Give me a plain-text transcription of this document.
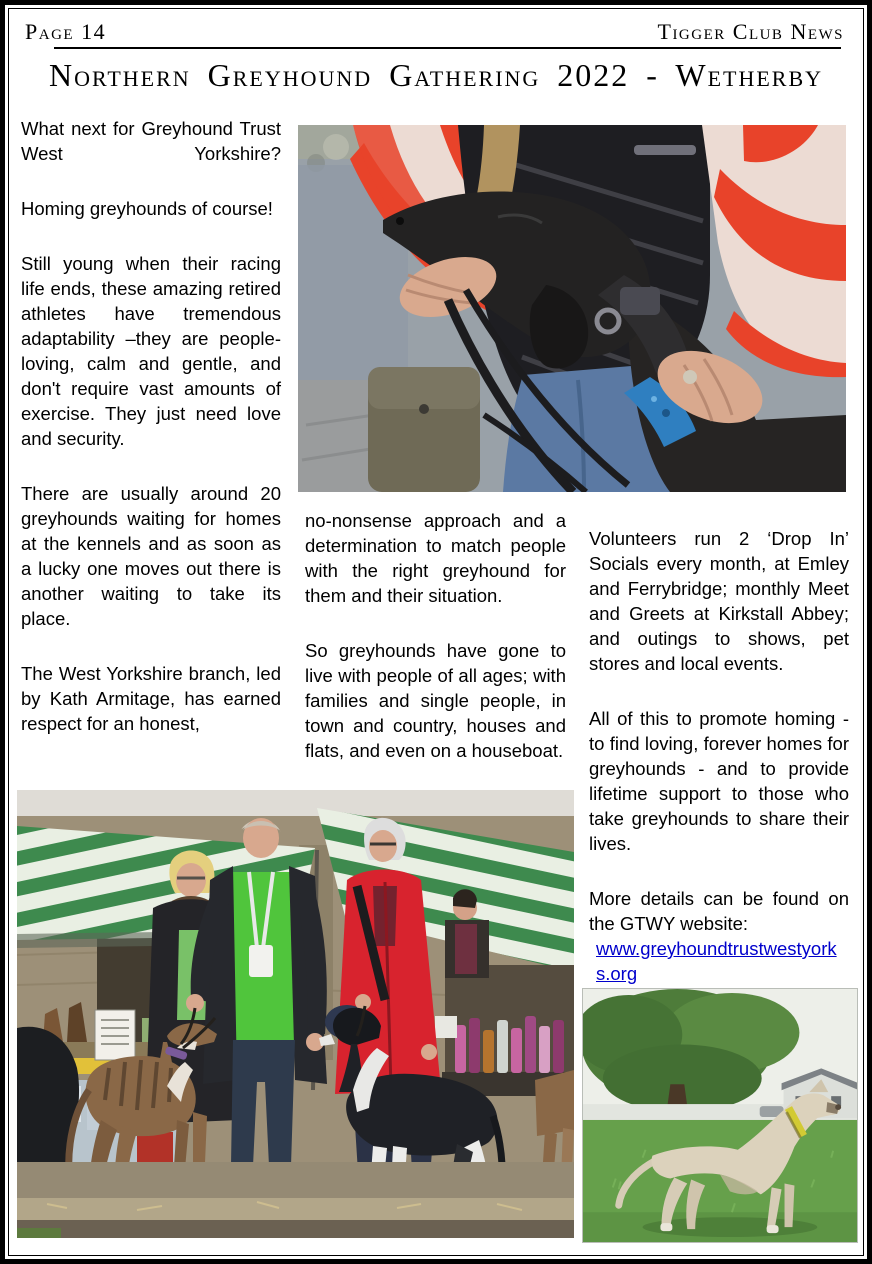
Page 14	Tigger Club News
Northern Greyhound Gathering 2022 - Wetherby

What next for Greyhound Trust West Yorkshire?

Homing greyhounds of course!

Still young when their racing life ends, these amazing retired athletes have tremendous adaptability –they are people-loving, calm and gentle, and don't require vast amounts of exercise. They just need love and security.

There are usually around 20 greyhounds waiting for homes at the kennels and as soon as a lucky one moves out there is another waiting to take its place.

The West Yorkshire branch, led by Kath Armitage, has earned respect for an honest,

no-nonsense approach and a determination to match people with the right greyhound for them and their situation.

So greyhounds have gone to live with people of all ages; with families and single people, in town and country, houses and flats, and even on a houseboat.

Volunteers run 2 ‘Drop In’ Socials every month, at Emley and Ferrybridge; monthly Meet and Greets at Kirkstall Abbey; and outings to shows, pet stores and local events.

All of this to promote homing - to find loving, forever homes for greyhounds - and to provide lifetime support to those who take greyhounds to share their lives.

More details can be found on the GTWY website:

www.greyhoundtrustwestyorks.org
